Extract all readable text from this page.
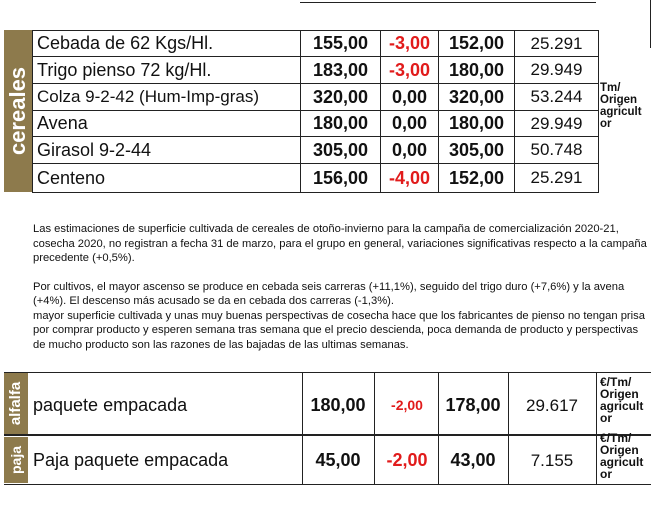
cereales
Cebada de 62 Kgs/Hl.	155,00	-3,00	152,00	25.291
Trigo pienso 72 kg/Hl.	183,00	-3,00	180,00	29.949
Colza 9-2-42 (Hum-Imp-gras)	320,00	0,00	320,00	53.244
Avena	180,00	0,00	180,00	29.949
Girasol 9-2-44	305,00	0,00	305,00	50.748
Centeno	156,00	-4,00	152,00	25.291
Tm/ Origen agricult or

Las estimaciones de superficie cultivada de cereales de otoño-invierno para la campaña de comercialización 2020-21, cosecha 2020, no registran a fecha 31 de marzo, para el grupo en general, variaciones significativas respecto a la campaña precedente (+0,5%).

Por cultivos, el mayor ascenso se produce en cebada seis carreras (+11,1%), seguido del trigo duro (+7,6%) y la avena (+4%). El descenso más acusado se da en cebada dos carreras (-1,3%).

mayor superficie cultivada y unas muy buenas perspectivas de cosecha hace que los fabricantes de pienso no tengan prisa por comprar producto y esperen semana tras semana que el precio descienda, poca demanda de producto y perspectivas de mucho producto son las razones de las bajadas de las ultimas semanas.

alfalfa paquete empacada	180,00	-2,00	178,00	29.617
€/Tm/ Origen agricult or
paja Paja paquete empacada	45,00	-2,00	43,00	7.155
€/Tm/ Origen agricult or
